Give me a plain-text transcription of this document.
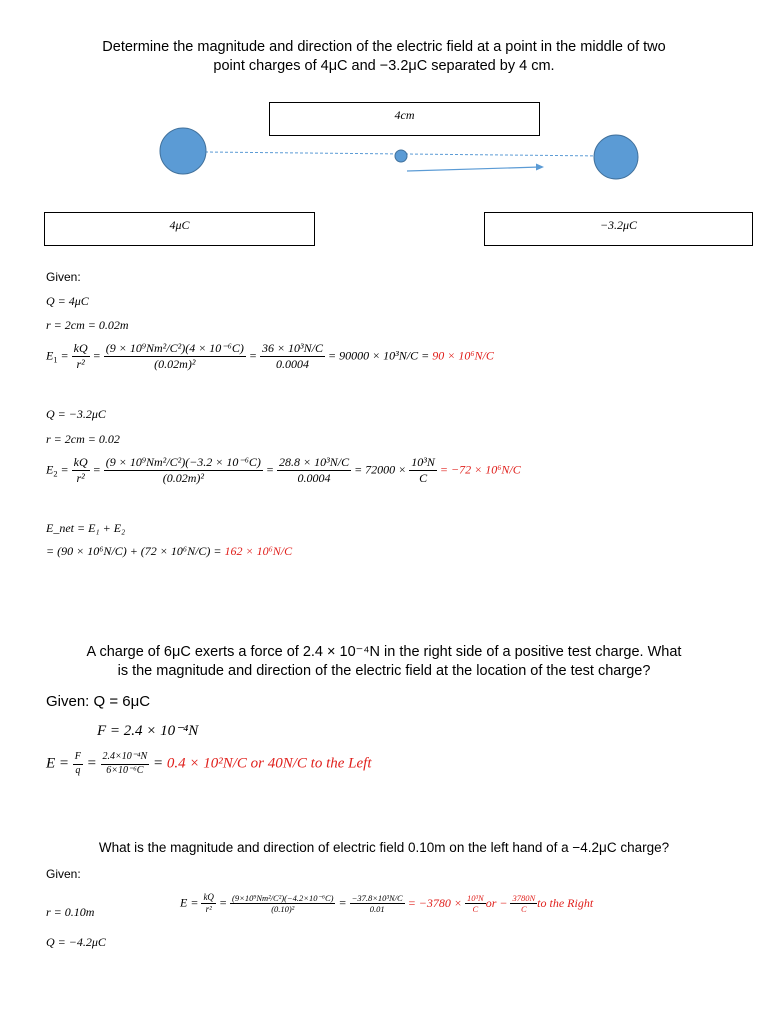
Determine the magnitude and direction of the electric field at a point in the middle of two
point charges of 4μC and −3.2μC separated by 4 cm.
4cm
4μC	−3.2μC
Given:
Q = 4μC
r = 2cm = 0.02m
$E_1 = \frac{kQ}{\text{r²}} = \frac{\text{(9 × 10⁹Nm²/C²)(4 × 10⁻⁶C)}}{\text{(0.02m)²}} = \frac{\text{36 × 10³N/C}}{0.0004} = 90000 \times 10^3N/C = 90 \times 10^6N/C$
Q = −3.2μC
r = 2cm = 0.02
$E_2 = \frac{kQ}{\text{r²}} = \frac{\text{(9 × 10⁹Nm²/C²)(−3.2 × 10⁻⁶C)}}{\text{(0.02m)²}} = \frac{\text{28.8 × 10³N/C}}{0.0004} = 72000 \times \frac{\text{10³N}}{C} = -72 \times 10^6N/C$
E_net = E₁ + E₂
= (90 × 10⁶N/C) + (72 × 10⁶N/C) = 162 × 10⁶N/C
A charge of 6μC exerts a force of 2.4 × 10⁻⁴N in the right side of a positive test charge. What
is the magnitude and direction of the electric field at the location of the test charge?
Given: Q = 6μC
F = 2.4 × 10⁻⁴N
$E = \frac{F}{q} = \frac{\text{2.4×10⁻⁴N}}{\text{6×10⁻⁶C}} = 0.4 \times 10^2N/C$ or 40N/C to the Left
What is the magnitude and direction of electric field 0.10m on the left hand of a −4.2μC charge?
Given:
r = 0.10m
Q = −4.2μC
$E = \frac{kQ}{\text{r²}} = \frac{\text{(9×10⁹Nm²/C²)(−4.2×10⁻⁶C)}}{\text{(0.10)²}} = \frac{\text{−37.8×10³N/C}}{0.01} = -3780 \times \frac{\text{10³N}}{C}$ or − $\frac{3780N}{C}$ to the Right
